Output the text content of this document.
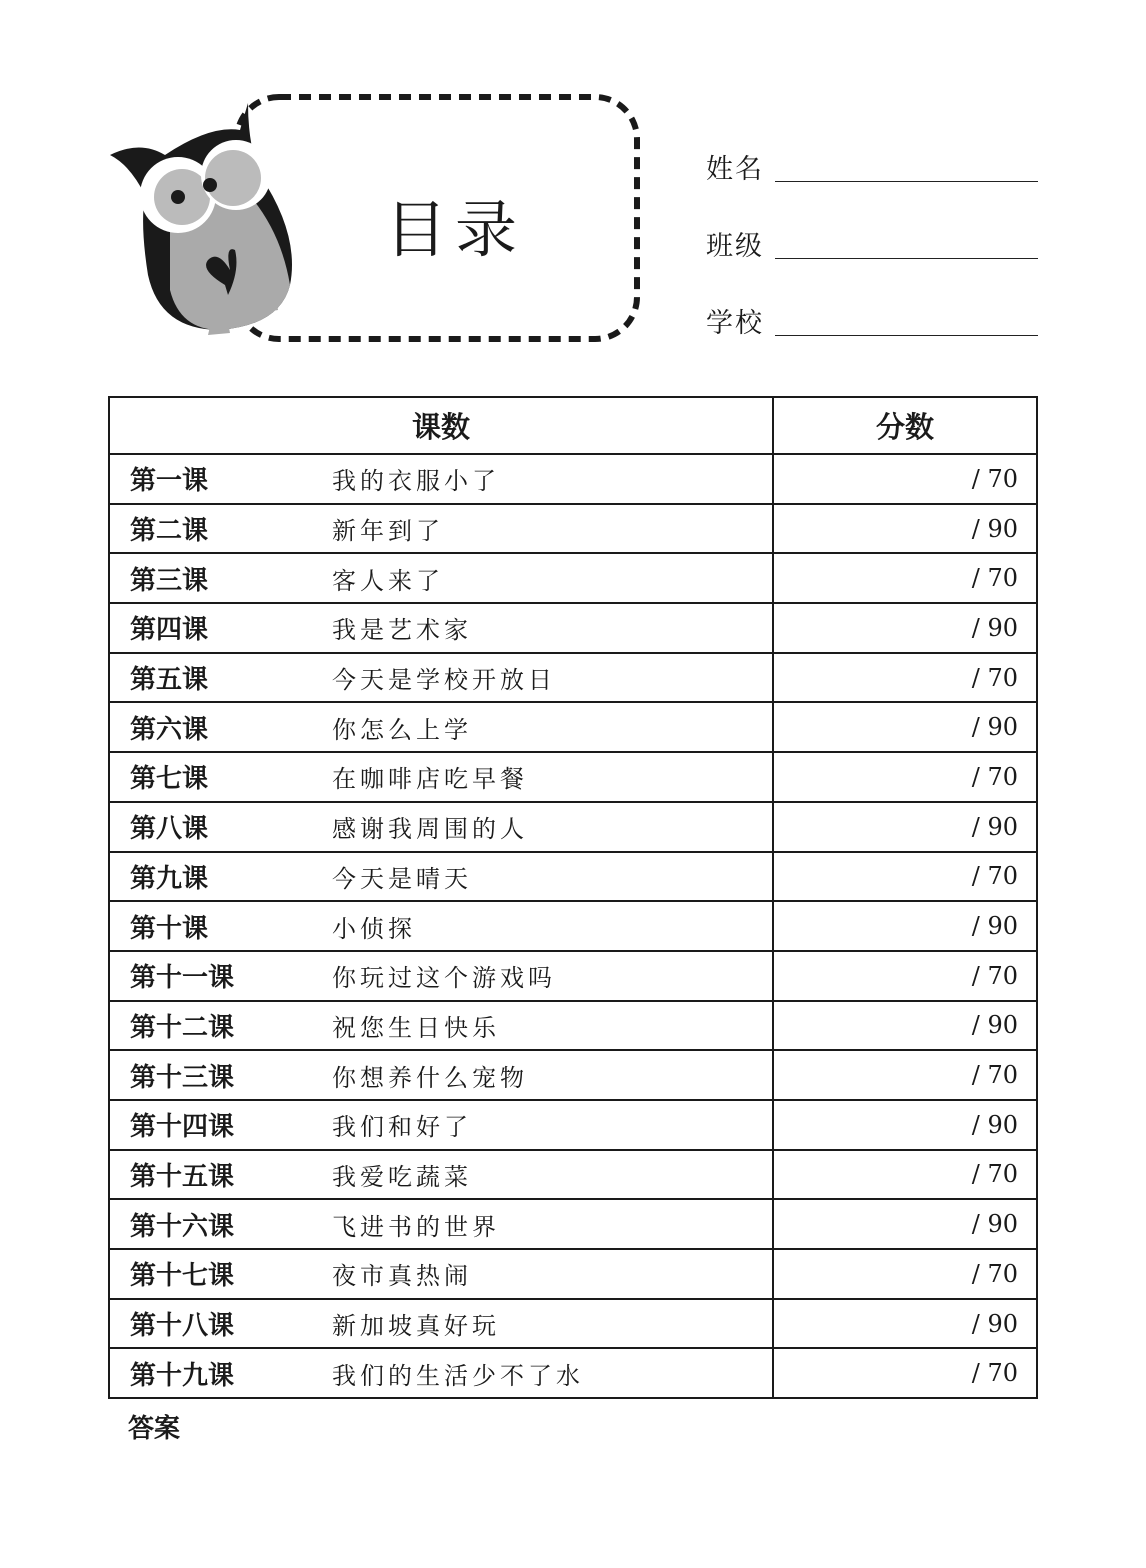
目录
姓名
班级
学校
课数	分数
第一课 我的衣服小了	/ 70
第二课 新年到了	/ 90
第三课 客人来了	/ 70
第四课 我是艺术家	/ 90
第五课 今天是学校开放日	/ 70
第六课 你怎么上学	/ 90
第七课 在咖啡店吃早餐	/ 70
第八课 感谢我周围的人	/ 90
第九课 今天是晴天	/ 70
第十课 小侦探	/ 90
第十一课 你玩过这个游戏吗	/ 70
第十二课 祝您生日快乐	/ 90
第十三课 你想养什么宠物	/ 70
第十四课 我们和好了	/ 90
第十五课 我爱吃蔬菜	/ 70
第十六课 飞进书的世界	/ 90
第十七课 夜市真热闹	/ 70
第十八课 新加坡真好玩	/ 90
第十九课 我们的生活少不了水	/ 70
答案
